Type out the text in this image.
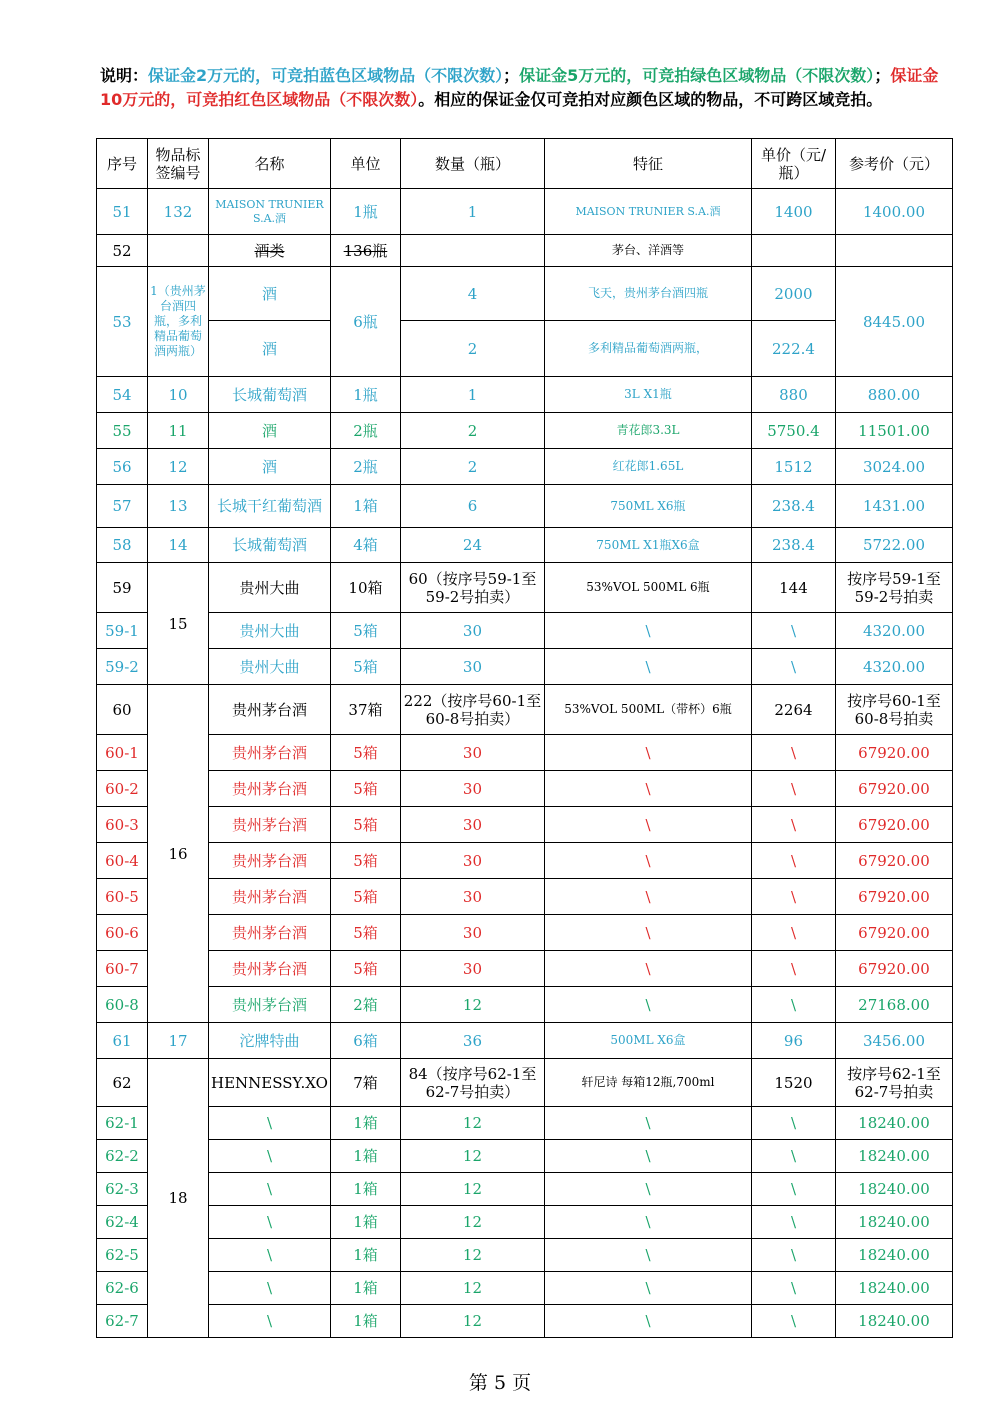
说明：保证金2万元的，可竞拍蓝色区域物品（不限次数）；保证金5万元的，可竞拍绿色区域物品（不限次数）；保证金10万元的，可竞拍红色区域物品（不限次数）。相应的保证金仅可竞拍对应颜色区域的物品，不可跨区域竞拍。
序号	物品标签编号	名称	单位	数量（瓶）	特征	单价（元/瓶）	参考价（元）
51	132	MAISON TRUNIER S.A.酒	1瓶	1	MAISON TRUNIER S.A.酒	1400	1400.00
52		酒类	136瓶		茅台、洋酒等		
53	1（贵州茅台酒四瓶，多利精品葡萄酒两瓶）	酒	6瓶	4	飞天，贵州茅台酒四瓶	2000	8445.00
		酒		2	多利精品葡萄酒两瓶，	222.4	
54	10	长城葡萄酒	1瓶	1	3L X1瓶	880	880.00
55	11	酒	2瓶	2	青花郎3.3L	5750.4	11501.00
56	12	酒	2瓶	2	红花郎1.65L	1512	3024.00
57	13	长城干红葡萄酒	1箱	6	750ML X6瓶	238.4	1431.00
58	14	长城葡萄酒	4箱	24	750ML X1瓶X6盒	238.4	5722.00
59	15	贵州大曲	10箱	60（按序号59-1至59-2号拍卖）	53%VOL 500ML 6瓶	144	按序号59-1至59-2号拍卖
59-1		贵州大曲	5箱	30	\	\	4320.00
59-2		贵州大曲	5箱	30	\	\	4320.00
60	16	贵州茅台酒	37箱	222（按序号60-1至60-8号拍卖）	53%VOL 500ML（带杯）6瓶	2264	按序号60-1至60-8号拍卖
60-1		贵州茅台酒	5箱	30	\	\	67920.00
60-2		贵州茅台酒	5箱	30	\	\	67920.00
60-3		贵州茅台酒	5箱	30	\	\	67920.00
60-4		贵州茅台酒	5箱	30	\	\	67920.00
60-5		贵州茅台酒	5箱	30	\	\	67920.00
60-6		贵州茅台酒	5箱	30	\	\	67920.00
60-7		贵州茅台酒	5箱	30	\	\	67920.00
60-8		贵州茅台酒	2箱	12	\	\	27168.00
61	17	沱牌特曲	6箱	36	500ML X6盒	96	3456.00
62	18	HENNESSY.XO	7箱	84（按序号62-1至62-7号拍卖）	轩尼诗 每箱12瓶,700ml	1520	按序号62-1至62-7号拍卖
62-1		\	1箱	12	\	\	18240.00
62-2		\	1箱	12	\	\	18240.00
62-3		\	1箱	12	\	\	18240.00
62-4		\	1箱	12	\	\	18240.00
62-5		\	1箱	12	\	\	18240.00
62-6		\	1箱	12	\	\	18240.00
62-7		\	1箱	12	\	\	18240.00
第 5 页
